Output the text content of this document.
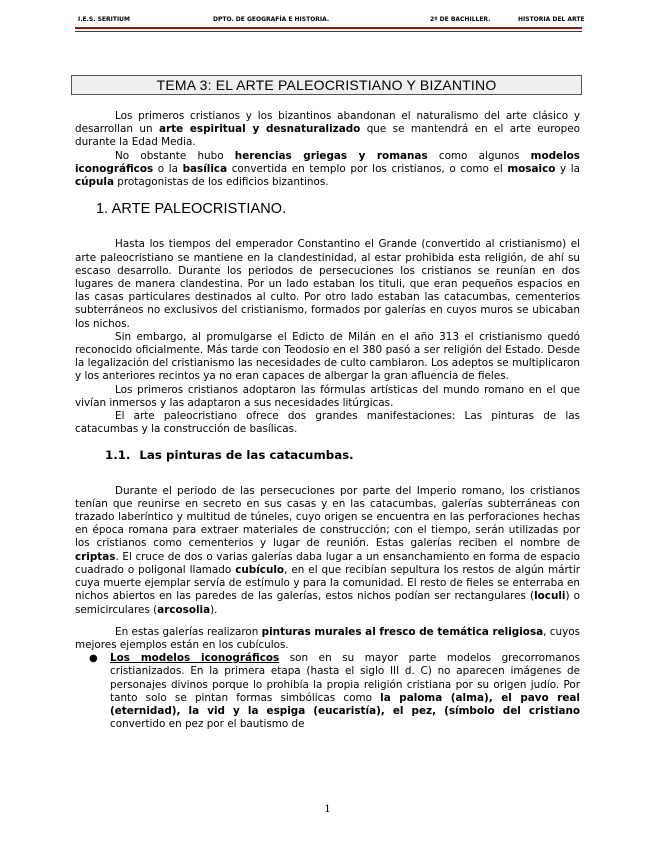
I.E.S. SERITIUM	DPTO. DE GEOGRAFÍA E HISTORIA.	2º DE BACHILLER.	HISTORIA DEL ARTE
TEMA 3: EL ARTE PALEOCRISTIANO Y BIZANTINO

Los primeros cristianos y los bizantinos abandonan el naturalismo del arte clásico y desarrollan un arte espiritual y desnaturalizado que se mantendrá en el arte europeo durante la Edad Media.

No obstante hubo herencias griegas y romanas como algunos modelos iconográficos o la basílica convertida en templo por los cristianos, o como el mosaico y la cúpula protagonistas de los edificios bizantinos.

1. ARTE PALEOCRISTIANO.

Hasta los tiempos del emperador Constantino el Grande (convertido al cristianismo) el arte paleocristiano se mantiene en la clandestinidad, al estar prohibida esta religión, de ahí su escaso desarrollo. Durante los periodos de persecuciones los cristianos se reunían en dos lugares de manera clandestina. Por un lado estaban los tituli, que eran pequeños espacios en las casas particulares destinados al culto. Por otro lado estaban las catacumbas, cementerios subterráneos no exclusivos del cristianismo, formados por galerías en cuyos muros se ubicaban los nichos.

Sin embargo, al promulgarse el Edicto de Milán en el año 313 el cristianismo quedó reconocido oficialmente. Más tarde con Teodosio en el 380 pasó a ser religión del Estado. Desde la legalización del cristianismo las necesidades de culto cambiaron. Los adeptos se multiplicaron y los anteriores recintos ya no eran capaces de albergar la gran afluencia de fieles.

Los primeros cristianos adoptaron las fórmulas artísticas del mundo romano en el que vivían inmersos y las adaptaron a sus necesidades litúrgicas.

El arte paleocristiano ofrece dos grandes manifestaciones: Las pinturas de las catacumbas y la construcción de basílicas.

1.1. Las pinturas de las catacumbas.

Durante el periodo de las persecuciones por parte del Imperio romano, los cristianos tenían que reunirse en secreto en sus casas y en las catacumbas, galerías subterráneas con trazado laberíntico y multitud de túneles, cuyo origen se encuentra en las perforaciones hechas en época romana para extraer materiales de construcción; con el tiempo, serán utilizadas por los cristianos como cementerios y lugar de reunión. Estas galerías reciben el nombre de criptas. El cruce de dos o varias galerías daba lugar a un ensanchamiento en forma de espacio cuadrado o poligonal llamado cubículo, en el que recibían sepultura los restos de algún mártir cuya muerte ejemplar servía de estímulo y para la comunidad. El resto de fieles se enterraba en nichos abiertos en las paredes de las galerías, estos nichos podían ser rectangulares (loculi) o semicirculares (arcosolia).

En estas galerías realizaron pinturas murales al fresco de temática religiosa, cuyos mejores ejemplos están en los cubículos.

● Los modelos iconográficos son en su mayor parte modelos grecorromanos cristianizados. En la primera etapa (hasta el siglo III d. C) no aparecen imágenes de personajes divinos porque lo prohibía la propia religión cristiana por su origen judío. Por tanto solo se pintan formas simbólicas como la paloma (alma), el pavo real (eternidad), la vid y la espiga (eucaristía), el pez, (símbolo del cristiano convertido en pez por el bautismo de
1
